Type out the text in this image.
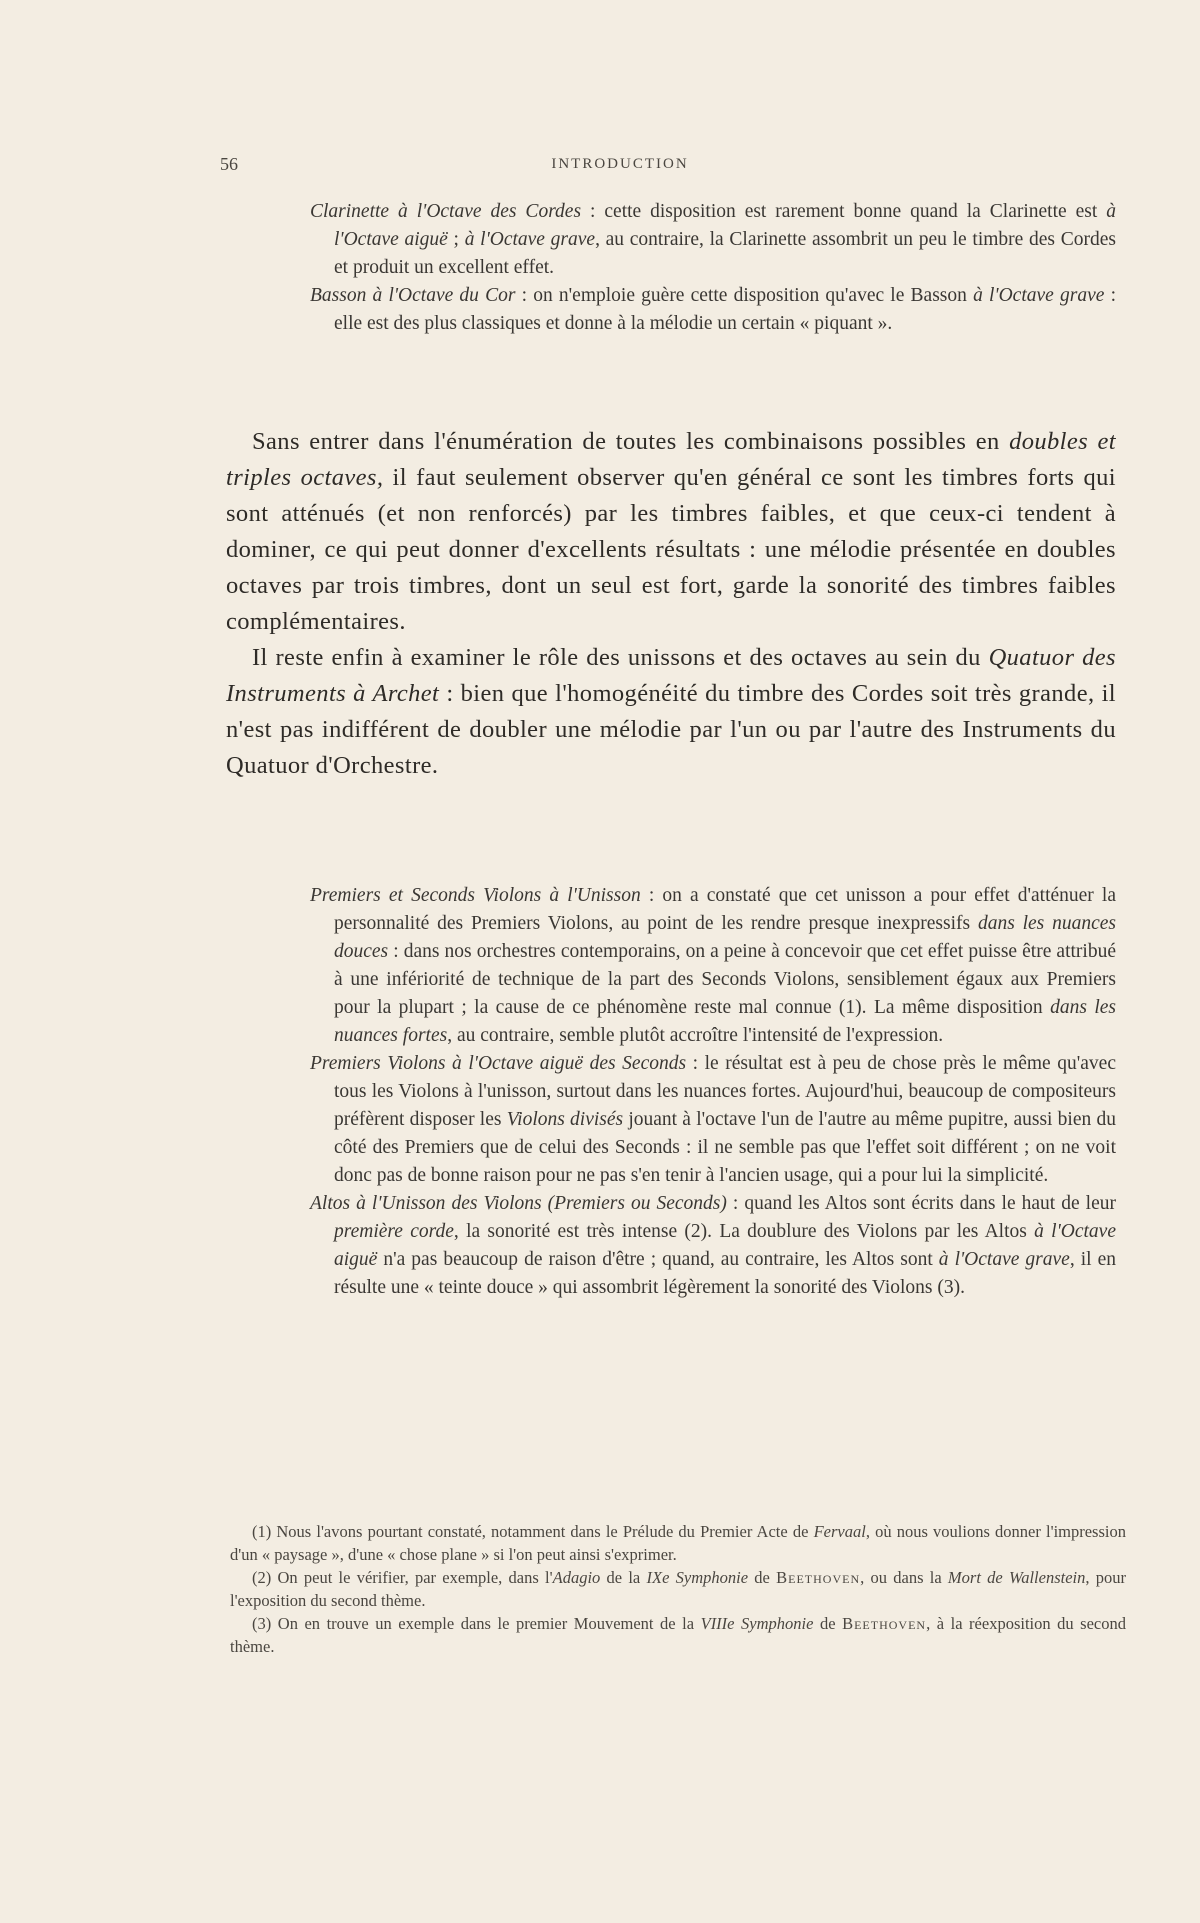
56	INTRODUCTION

Clarinette à l'Octave des Cordes : cette disposition est rarement bonne quand la Clarinette est à l'Octave aiguë ; à l'Octave grave, au contraire, la Clarinette assombrit un peu le timbre des Cordes et produit un excellent effet.

Basson à l'Octave du Cor : on n'emploie guère cette disposition qu'avec le Basson à l'Octave grave : elle est des plus classiques et donne à la mélodie un certain « piquant ».

Sans entrer dans l'énumération de toutes les combinaisons possibles en doubles et triples octaves, il faut seulement observer qu'en général ce sont les timbres forts qui sont atténués (et non renforcés) par les timbres faibles, et que ceux-ci tendent à dominer, ce qui peut donner d'excellents résultats : une mélodie présentée en doubles octaves par trois timbres, dont un seul est fort, garde la sonorité des timbres faibles complémentaires.

Il reste enfin à examiner le rôle des unissons et des octaves au sein du Quatuor des Instruments à Archet : bien que l'homogénéité du timbre des Cordes soit très grande, il n'est pas indifférent de doubler une mélodie par l'un ou par l'autre des Instruments du Quatuor d'Orchestre.

Premiers et Seconds Violons à l'Unisson : on a constaté que cet unisson a pour effet d'atténuer la personnalité des Premiers Violons, au point de les rendre presque inexpressifs dans les nuances douces : dans nos orchestres contemporains, on a peine à concevoir que cet effet puisse être attribué à une infériorité de technique de la part des Seconds Violons, sensiblement égaux aux Premiers pour la plupart ; la cause de ce phénomène reste mal connue (1). La même disposition dans les nuances fortes, au contraire, semble plutôt accroître l'intensité de l'expression.

Premiers Violons à l'Octave aiguë des Seconds : le résultat est à peu de chose près le même qu'avec tous les Violons à l'unisson, surtout dans les nuances fortes. Aujourd'hui, beaucoup de compositeurs préfèrent disposer les Violons divisés jouant à l'octave l'un de l'autre au même pupitre, aussi bien du côté des Premiers que de celui des Seconds : il ne semble pas que l'effet soit différent ; on ne voit donc pas de bonne raison pour ne pas s'en tenir à l'ancien usage, qui a pour lui la simplicité.

Altos à l'Unisson des Violons (Premiers ou Seconds) : quand les Altos sont écrits dans le haut de leur première corde, la sonorité est très intense (2). La doublure des Violons par les Altos à l'Octave aiguë n'a pas beaucoup de raison d'être ; quand, au contraire, les Altos sont à l'Octave grave, il en résulte une « teinte douce » qui assombrit légèrement la sonorité des Violons (3).

(1) Nous l'avons pourtant constaté, notamment dans le Prélude du Premier Acte de Fervaal, où nous voulions donner l'impression d'un « paysage », d'une « chose plane » si l'on peut ainsi s'exprimer.

(2) On peut le vérifier, par exemple, dans l'Adagio de la IXe Symphonie de Beethoven, ou dans la Mort de Wallenstein, pour l'exposition du second thème.

(3) On en trouve un exemple dans le premier Mouvement de la VIIIe Symphonie de Beethoven, à la réexposition du second thème.
